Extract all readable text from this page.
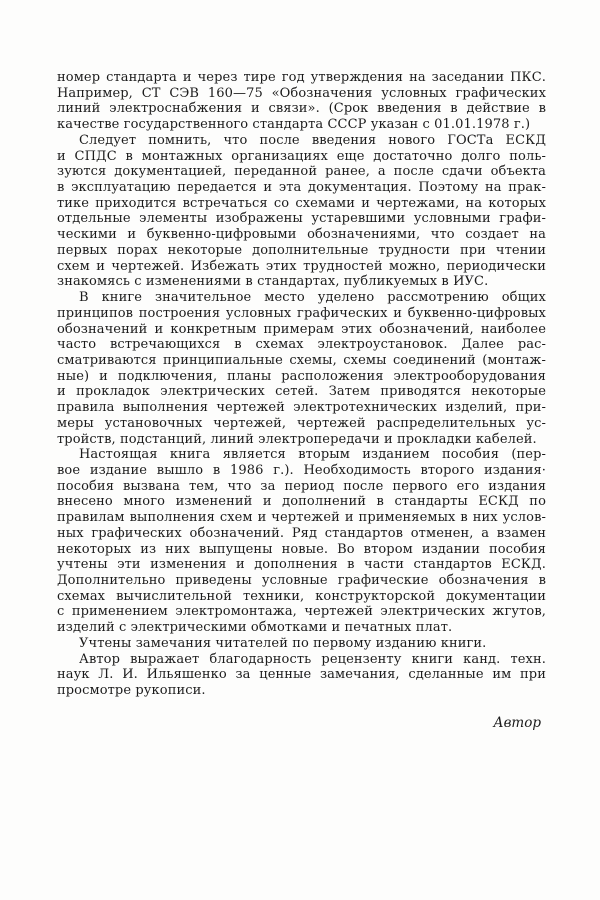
номер стандарта и через тире год утверждения на заседании ПКС.
Например, СТ СЭВ 160—75 «Обозначения условных графических
линий электроснабжения и связи». (Срок введения в действие в
качестве государственного стандарта СССР указан с 01.01.1978 г.)
Следует помнить, что после введения нового ГОСТа ЕСКД
и СПДС в монтажных организациях еще достаточно долго поль-
зуются документацией, переданной ранее, а после сдачи объекта
в эксплуатацию передается и эта документация. Поэтому на прак-
тике приходится встречаться со схемами и чертежами, на которых
отдельные элементы изображены устаревшими условными графи-
ческими и буквенно-цифровыми обозначениями, что создает на
первых порах некоторые дополнительные трудности при чтении
схем и чертежей. Избежать этих трудностей можно, периодически
знакомясь с изменениями в стандартах, публикуемых в ИУС.
В книге значительное место уделено рассмотрению общих
принципов построения условных графических и буквенно-цифровых
обозначений и конкретным примерам этих обозначений, наиболее
часто встречающихся в схемах электроустановок. Далее рас-
сматриваются принципиальные схемы, схемы соединений (монтаж-
ные) и подключения, планы расположения электрооборудования
и прокладок электрических сетей. Затем приводятся некоторые
правила выполнения чертежей электротехнических изделий, при-
меры установочных чертежей, чертежей распределительных ус-
тройств, подстанций, линий электропередачи и прокладки кабелей.
Настоящая книга является вторым изданием пособия (пер-
вое издание вышло в 1986 г.). Необходимость второго издания·
пособия вызвана тем, что за период после первого его издания
внесено много изменений и дополнений в стандарты ЕСКД по
правилам выполнения схем и чертежей и применяемых в них услов-
ных графических обозначений. Ряд стандартов отменен, а взамен
некоторых из них выпущены новые. Во втором издании пособия
учтены эти изменения и дополнения в части стандартов ЕСКД.
Дополнительно приведены условные графические обозначения в
схемах вычислительной техники, конструкторской документации
с применением электромонтажа, чертежей электрических жгутов,
изделий с электрическими обмотками и печатных плат.
Учтены замечания читателей по первому изданию книги.
Автор выражает благодарность рецензенту книги канд. техн.
наук Л. И. Ильяшенко за ценные замечания, сделанные им при
просмотре рукописи.
Автор
